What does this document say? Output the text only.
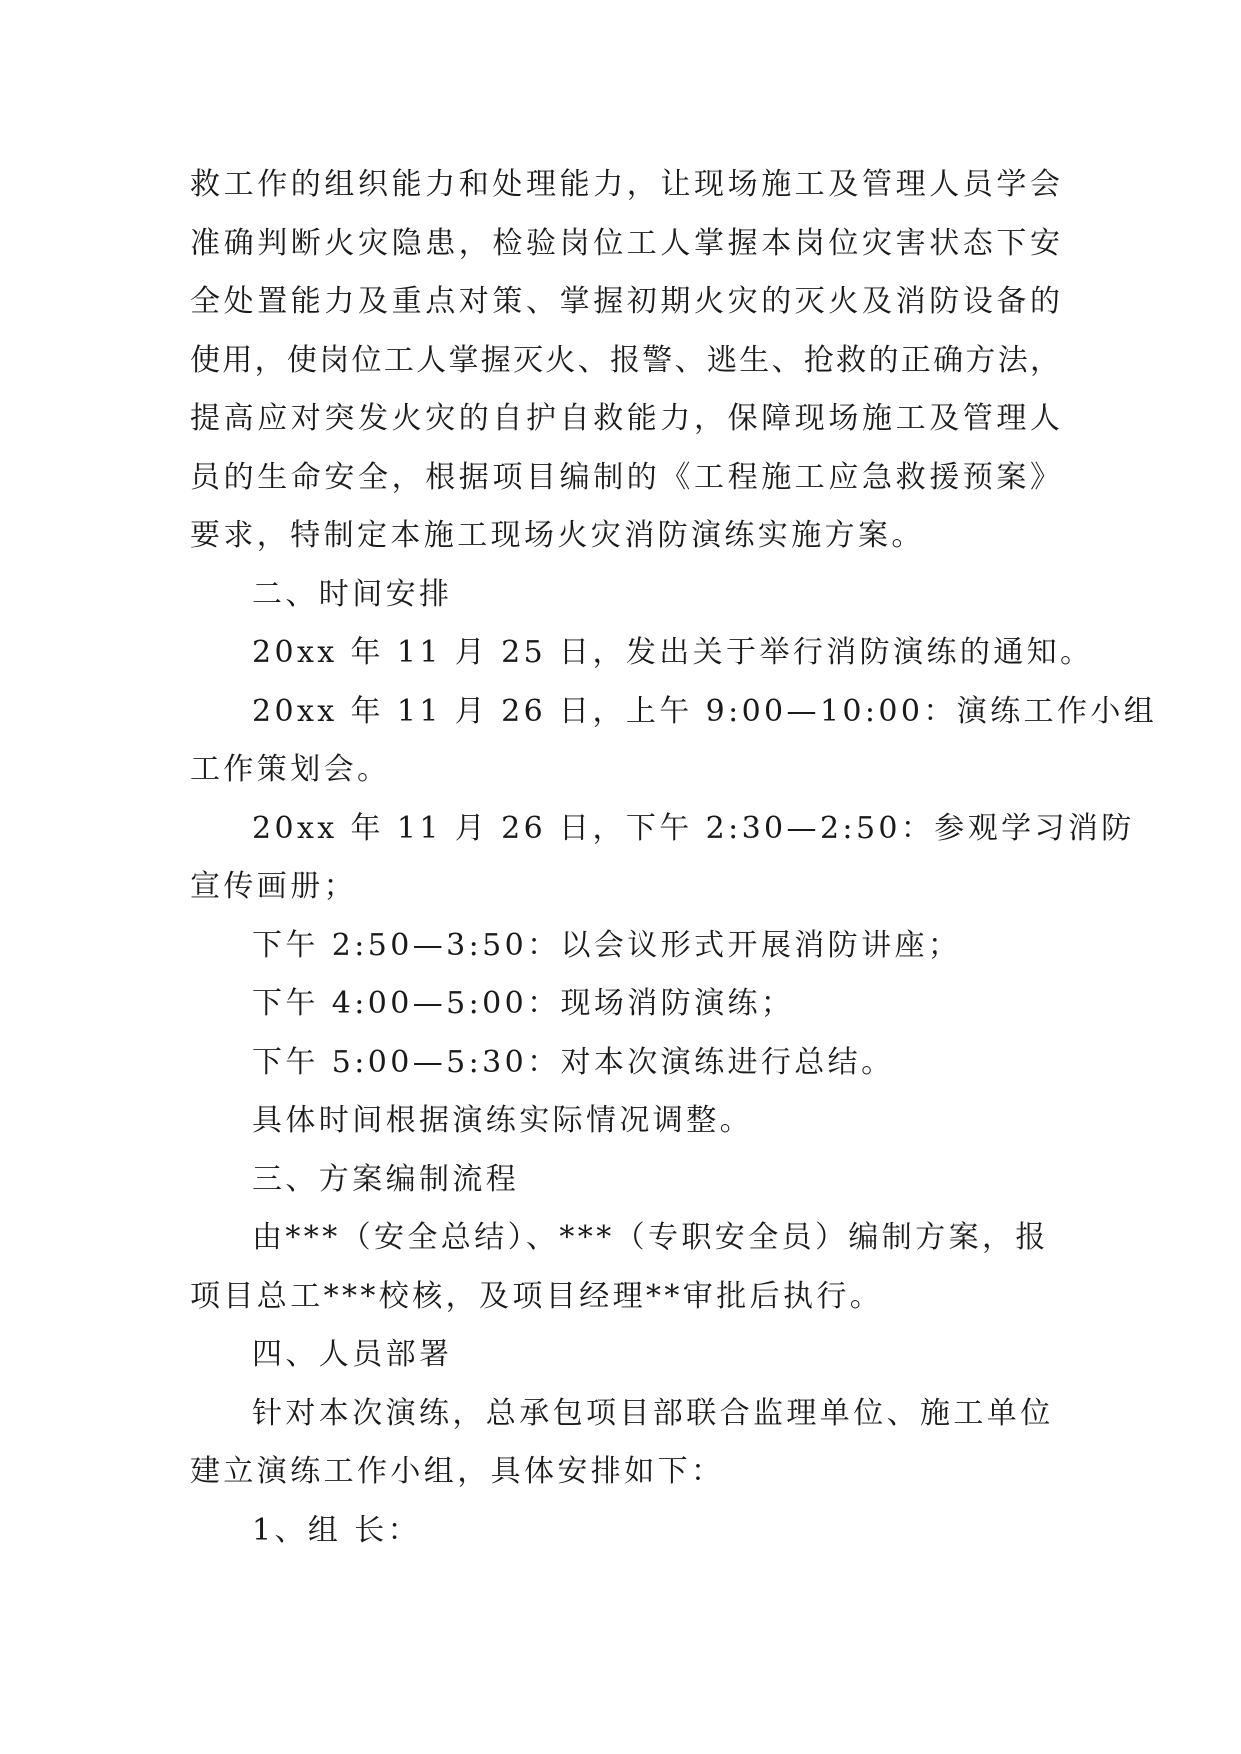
救工作的组织能力和处理能力，让现场施工及管理人员学会
准确判断火灾隐患，检验岗位工人掌握本岗位灾害状态下安
全处置能力及重点对策、掌握初期火灾的灭火及消防设备的
使用，使岗位工人掌握灭火、报警、逃生、抢救的正确方法，
提高应对突发火灾的自护自救能力，保障现场施工及管理人
员的生命安全，根据项目编制的《工程施工应急救援预案》
要求，特制定本施工现场火灾消防演练实施方案。
二、时间安排
20xx 年 11 月 25 日，发出关于举行消防演练的通知。
20xx 年 11 月 26 日，上午 9:00—10:00：演练工作小组
工作策划会。
20xx 年 11 月 26 日，下午 2:30—2:50：参观学习消防
宣传画册；
下午 2:50—3:50：以会议形式开展消防讲座；
下午 4:00—5:00：现场消防演练；
下午 5:00—5:30：对本次演练进行总结。
具体时间根据演练实际情况调整。
三、方案编制流程
由***（安全总结）、***（专职安全员）编制方案，报
项目总工***校核，及项目经理**审批后执行。
四、人员部署
针对本次演练，总承包项目部联合监理单位、施工单位
建立演练工作小组，具体安排如下：
1、组 长：
